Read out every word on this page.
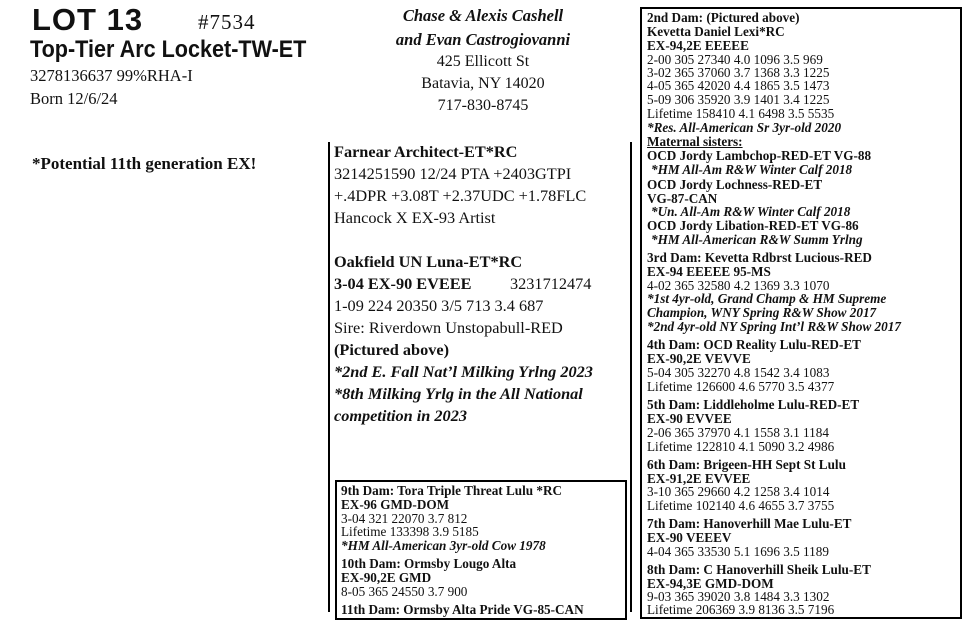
LOT 13	#7534
Top-Tier Arc Locket-TW-ET
3278136637 99%RHA-I
Born 12/6/24
*Potential 11th generation EX!
Chase & Alexis Cashell
and Evan Castrogiovanni
425 Ellicott St
Batavia, NY 14020
717-830-8745
Farnear Architect-ET*RC
3214251590 12/24 PTA +2403GTPI
+.4DPR +3.08T +2.37UDC +1.78FLC
Hancock X EX-93 Artist
Oakfield UN Luna-ET*RC
3-04 EX-90 EVEEE 3231712474
1-09 224 20350 3/5 713 3.4 687
Sire: Riverdown Unstopabull-RED
(Pictured above)
*2nd E. Fall Nat’l Milking Yrlng 2023
*8th Milking Yrlg in the All National
competition in 2023
9th Dam: Tora Triple Threat Lulu *RC
EX-96 GMD-DOM
3-04 321 22070 3.7 812
Lifetime 133398 3.9 5185
*HM All-American 3yr-old Cow 1978
10th Dam: Ormsby Lougo Alta
EX-90,2E GMD
8-05 365 24550 3.7 900
11th Dam: Ormsby Alta Pride VG-85-CAN
2nd Dam: (Pictured above)
Kevetta Daniel Lexi*RC
EX-94,2E EEEEE
2-00 305 27340 4.0 1096 3.5 969
3-02 365 37060 3.7 1368 3.3 1225
4-05 365 42020 4.4 1865 3.5 1473
5-09 306 35920 3.9 1401 3.4 1225
Lifetime 158410 4.1 6498 3.5 5535
*Res. All-American Sr 3yr-old 2020
Maternal sisters:
OCD Jordy Lambchop-RED-ET VG-88
*HM All-Am R&W Winter Calf 2018
OCD Jordy Lochness-RED-ET
VG-87-CAN
*Un. All-Am R&W Winter Calf 2018
OCD Jordy Libation-RED-ET VG-86
*HM All-American R&W Summ Yrlng
3rd Dam: Kevetta Rdbrst Lucious-RED
EX-94 EEEEE 95-MS
4-02 365 32580 4.2 1369 3.3 1070
*1st 4yr-old, Grand Champ & HM Supreme
Champion, WNY Spring R&W Show 2017
*2nd 4yr-old NY Spring Int’l R&W Show 2017
4th Dam: OCD Reality Lulu-RED-ET
EX-90,2E VEVVE
5-04 305 32270 4.8 1542 3.4 1083
Lifetime 126600 4.6 5770 3.5 4377
5th Dam: Liddleholme Lulu-RED-ET
EX-90 EVVEE
2-06 365 37970 4.1 1558 3.1 1184
Lifetime 122810 4.1 5090 3.2 4986
6th Dam: Brigeen-HH Sept St Lulu
EX-91,2E EVVEE
3-10 365 29660 4.2 1258 3.4 1014
Lifetime 102140 4.6 4655 3.7 3755
7th Dam: Hanoverhill Mae Lulu-ET
EX-90 VEEEV
4-04 365 33530 5.1 1696 3.5 1189
8th Dam: C Hanoverhill Sheik Lulu-ET
EX-94,3E GMD-DOM
9-03 365 39020 3.8 1484 3.3 1302
Lifetime 206369 3.9 8136 3.5 7196
